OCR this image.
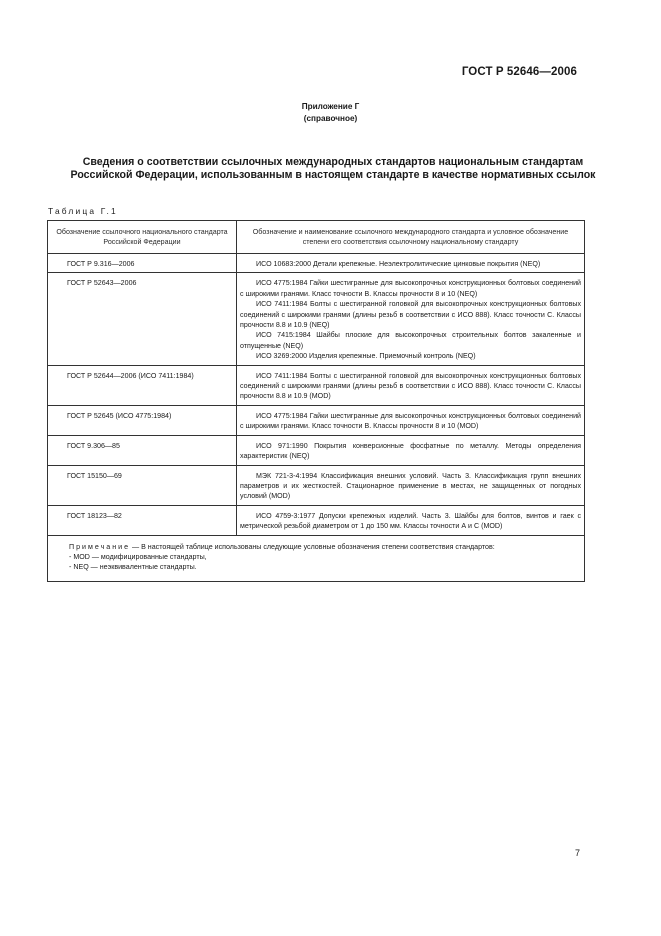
ГОСТ Р 52646—2006
Приложение Г
(справочное)
Сведения о соответствии ссылочных международных стандартов национальным стандартам Российской Федерации, использованным в настоящем стандарте в качестве нормативных ссылок
Таблица Г.1
Обозначение ссылочного национального стандарта Российской Федерации	Обозначение и наименование ссылочного международного стандарта и условное обозначение степени его соответствия ссылочному национальному стандарту
ГОСТ Р 9.316—2006	ИСО 10683:2000 Детали крепежные. Неэлектролитические цинковые покрытия (NEQ)

ГОСТ Р 52643—2006	ИСО 4775:1984 Гайки шестигранные для высокопрочных конструкционных болтовых соединений с широкими гранями. Класс точности В. Классы прочности 8 и 10 (NEQ)
ИСО 7411:1984 Болты с шестигранной головкой для высокопрочных конструкционных болтовых соединений с широкими гранями (длины резьб в соответствии с ИСО 888). Класс точности С. Классы прочности 8.8 и 10.9 (NEQ)
ИСО 7415:1984 Шайбы плоские для высокопрочных строительных болтов закаленные и отпущенные (NEQ)
ИСО 3269:2000 Изделия крепежные. Приемочный контроль (NEQ)

ГОСТ Р 52644—2006 (ИСО 7411:1984)	ИСО 7411:1984 Болты с шестигранной головкой для высокопрочных конструкционных болтовых соединений с широкими гранями (длины резьб в соответствии с ИСО 888). Класс точности С. Классы прочности 8.8 и 10.9 (MOD)

ГОСТ Р 52645 (ИСО 4775:1984)	ИСО 4775:1984 Гайки шестигранные для высокопрочных конструкционных болтовых соединений с широкими гранями. Класс точности В. Классы прочности 8 и 10 (MOD)

ГОСТ 9.306—85	ИСО 971:1990 Покрытия конверсионные фосфатные по металлу. Методы определения характеристик (NEQ)

ГОСТ 15150—69	МЭК 721-3-4:1994 Классификация внешних условий. Часть 3. Классификация групп внешних параметров и их жесткостей. Стационарное применение в местах, не защищенных от погодных условий (MOD)

ГОСТ 18123—82	ИСО 4759-3:1977 Допуски крепежных изделий. Часть 3. Шайбы для болтов, винтов и гаек с метрической резьбой диаметром от 1 до 150 мм. Классы точности А и С (MOD)

Примечание — В настоящей таблице использованы следующие условные обозначения степени соответствия стандартов:
- MOD — модифицированные стандарты,
- NEQ — неэквивалентные стандарты.	
7
